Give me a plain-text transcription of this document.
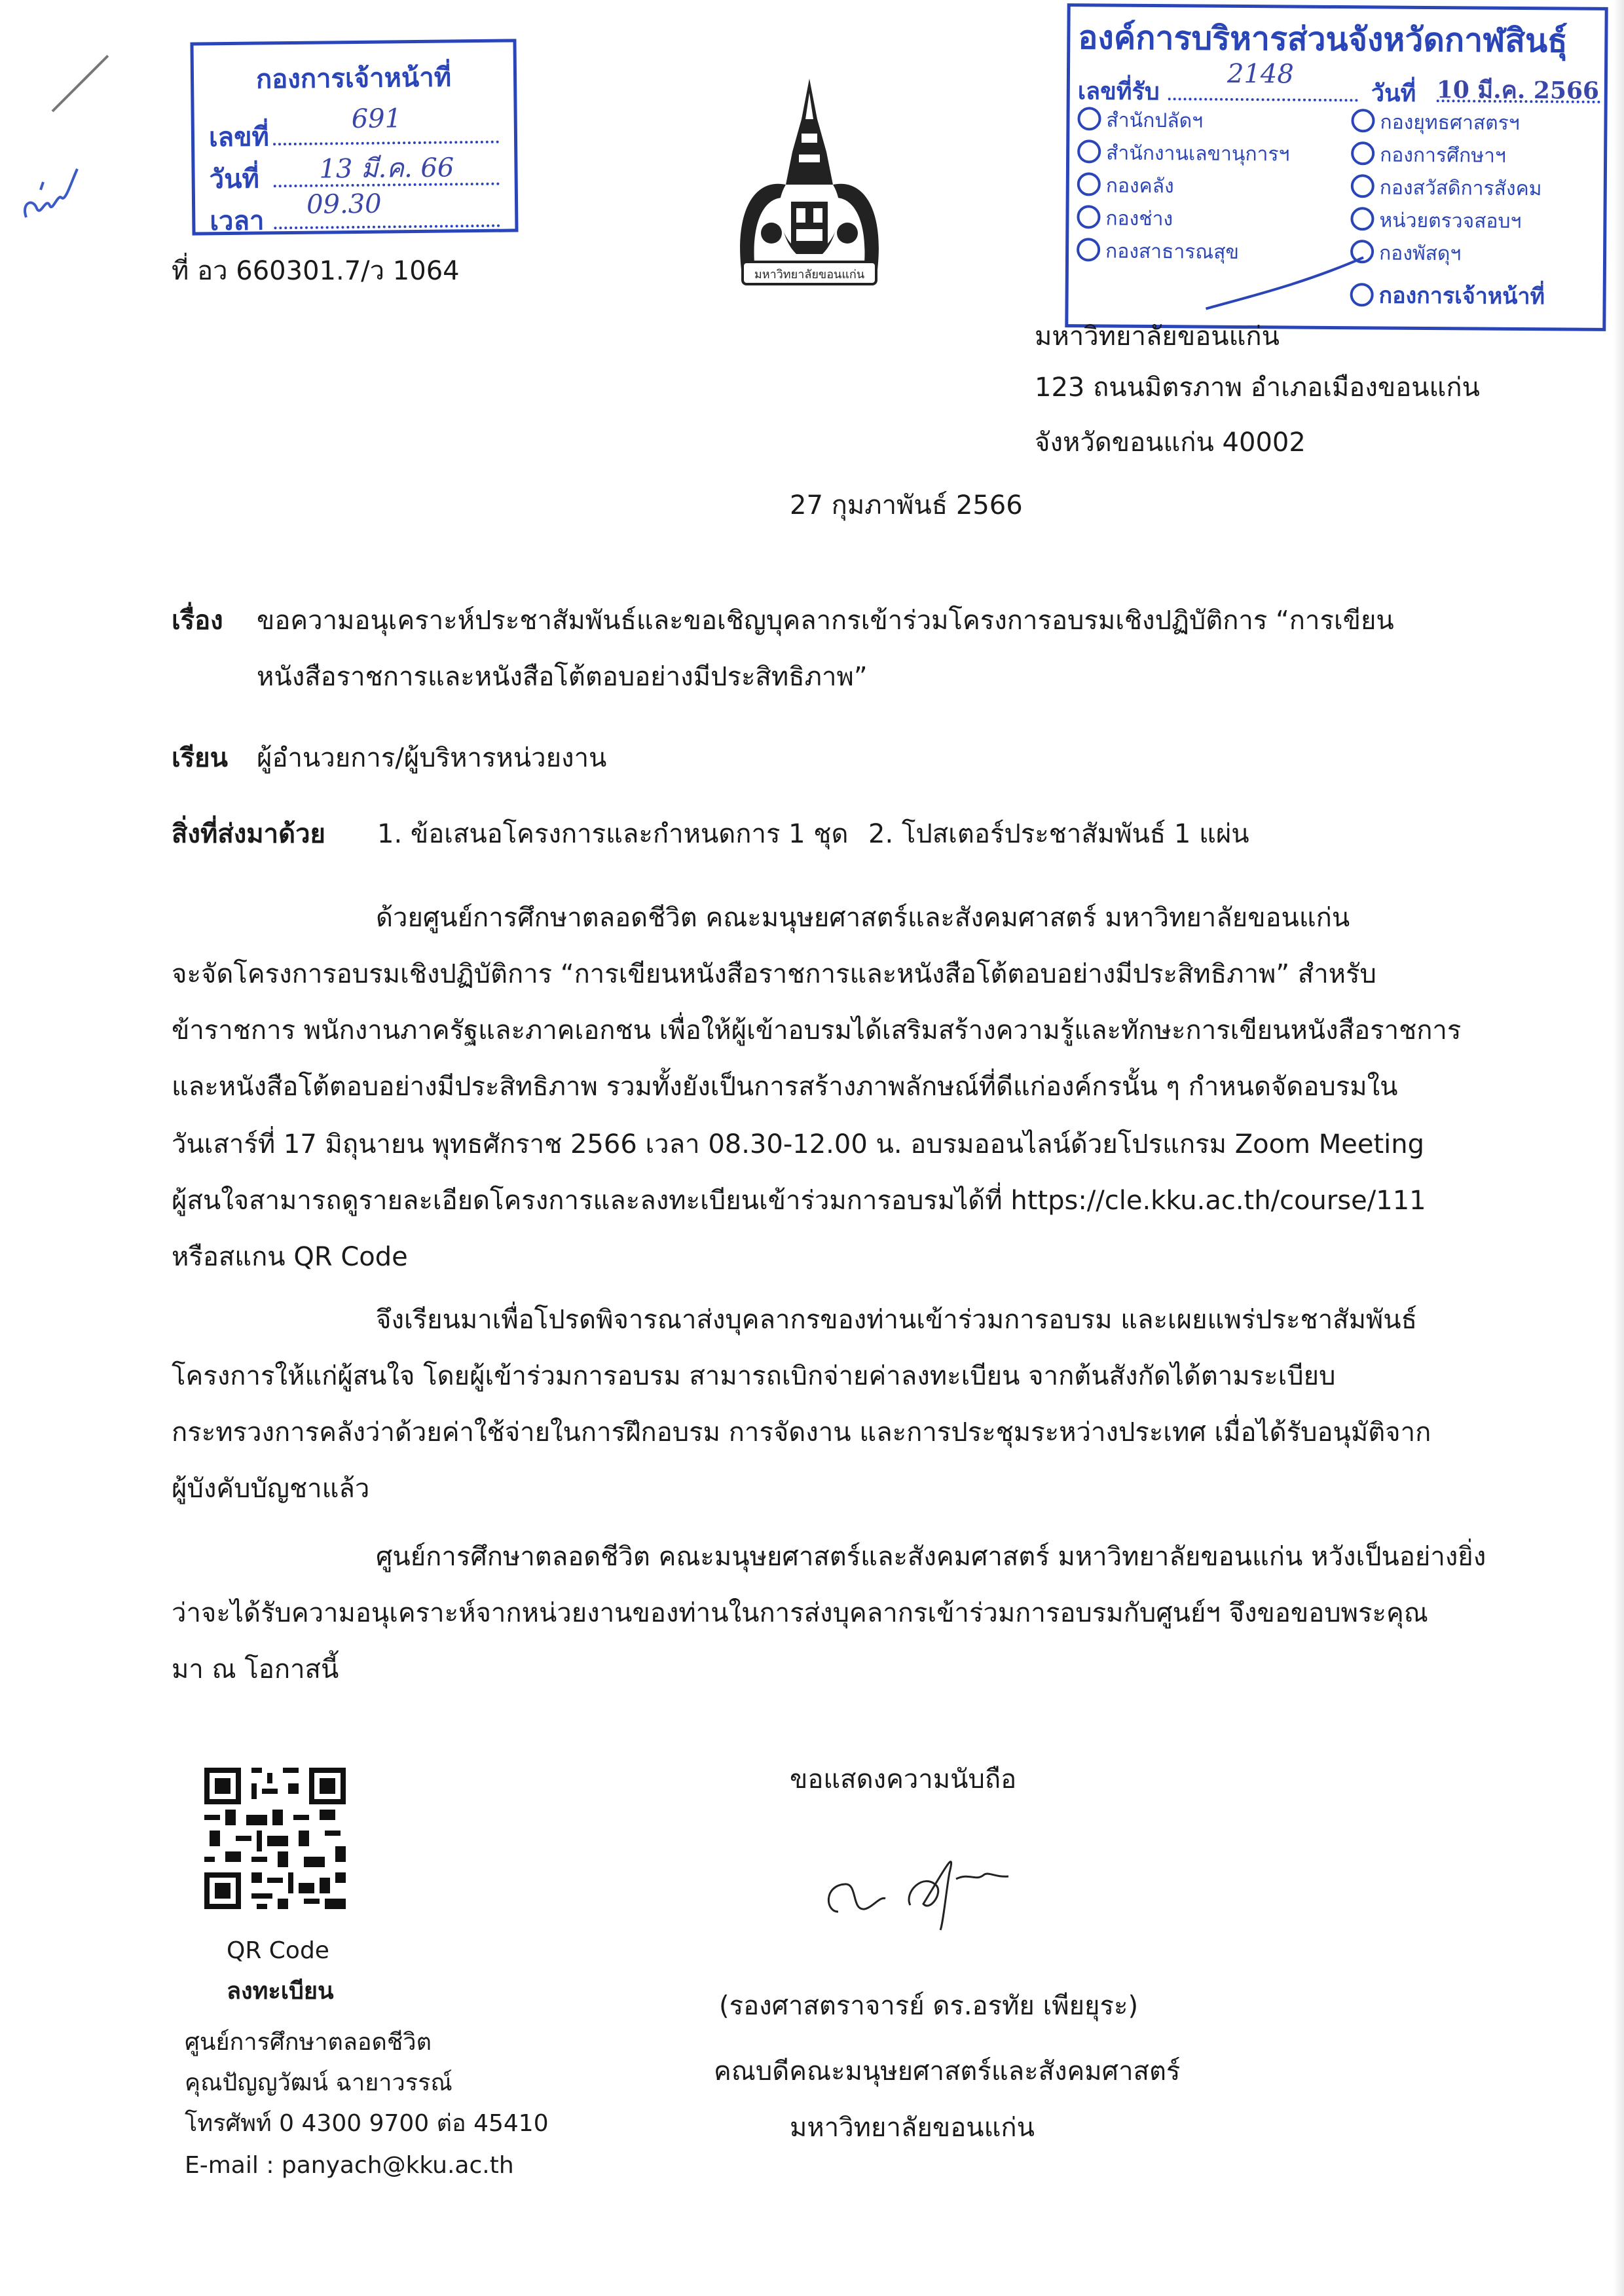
กองการเจ้าหน้าที่
เลขที่
691
วันที่ 13 มี.ค. 66
เวลา
09.30
มหาวิทยาลัยขอนแก่น
องค์การบริหารส่วนจังหวัดกาฬสินธุ์
เลขที่รับ
2148
วันที่ 10 มี.ค. 2566
สำนักปลัดฯ	กองยุทธศาสตรฯ
สำนักงานเลขานุการฯ	กองการศึกษาฯ
กองคลัง	กองสวัสดิการสังคม
กองช่าง	หน่วยตรวจสอบฯ
กองสาธารณสุข	กองพัสดุฯ
กองการเจ้าหน้าที่
ที่ อว 660301.7/ว 1064	คณะมนุษยศาสตร์และสังคมศาสตร์
มหาวิทยาลัยขอนแก่น
123 ถนนมิตรภาพ อำเภอเมืองขอนแก่น
จังหวัดขอนแก่น 40002
27 กุมภาพันธ์ 2566
เรื่อง ขอความอนุเคราะห์ประชาสัมพันธ์และขอเชิญบุคลากรเข้าร่วมโครงการอบรมเชิงปฏิบัติการ “การเขียน
หนังสือราชการและหนังสือโต้ตอบอย่างมีประสิทธิภาพ”
เรียน ผู้อำนวยการ/ผู้บริหารหน่วยงาน
สิ่งที่ส่งมาด้วย 1. ข้อเสนอโครงการและกำหนดการ 1 ชุด 2. โปสเตอร์ประชาสัมพันธ์ 1 แผ่น
ด้วยศูนย์การศึกษาตลอดชีวิต คณะมนุษยศาสตร์และสังคมศาสตร์ มหาวิทยาลัยขอนแก่น
จะจัดโครงการอบรมเชิงปฏิบัติการ “การเขียนหนังสือราชการและหนังสือโต้ตอบอย่างมีประสิทธิภาพ” สำหรับ
ข้าราชการ พนักงานภาครัฐและภาคเอกชน เพื่อให้ผู้เข้าอบรมได้เสริมสร้างความรู้และทักษะการเขียนหนังสือราชการ
และหนังสือโต้ตอบอย่างมีประสิทธิภาพ รวมทั้งยังเป็นการสร้างภาพลักษณ์ที่ดีแก่องค์กรนั้น ๆ กำหนดจัดอบรมใน
วันเสาร์ที่ 17 มิถุนายน พุทธศักราช 2566 เวลา 08.30-12.00 น. อบรมออนไลน์ด้วยโปรแกรม Zoom Meeting
ผู้สนใจสามารถดูรายละเอียดโครงการและลงทะเบียนเข้าร่วมการอบรมได้ที่ https://cle.kku.ac.th/course/111
หรือสแกน QR Code
จึงเรียนมาเพื่อโปรดพิจารณาส่งบุคลากรของท่านเข้าร่วมการอบรม และเผยแพร่ประชาสัมพันธ์
โครงการให้แก่ผู้สนใจ โดยผู้เข้าร่วมการอบรม สามารถเบิกจ่ายค่าลงทะเบียน จากต้นสังกัดได้ตามระเบียบ
กระทรวงการคลังว่าด้วยค่าใช้จ่ายในการฝึกอบรม การจัดงาน และการประชุมระหว่างประเทศ เมื่อได้รับอนุมัติจาก
ผู้บังคับบัญชาแล้ว
ศูนย์การศึกษาตลอดชีวิต คณะมนุษยศาสตร์และสังคมศาสตร์ มหาวิทยาลัยขอนแก่น หวังเป็นอย่างยิ่ง
ว่าจะได้รับความอนุเคราะห์จากหน่วยงานของท่านในการส่งบุคลากรเข้าร่วมการอบรมกับศูนย์ฯ จึงขอขอบพระคุณ
มา ณ โอกาสนี้
ขอแสดงความนับถือ
(รองศาสตราจารย์ ดร.อรทัย เพียยุระ)
คณบดีคณะมนุษยศาสตร์และสังคมศาสตร์
มหาวิทยาลัยขอนแก่น
QR Code
ลงทะเบียน
ศูนย์การศึกษาตลอดชีวิต
คุณปัญญวัฒน์ ฉายาวรรณ์
โทรศัพท์ 0 4300 9700 ต่อ 45410
E-mail : panyach@kku.ac.th
